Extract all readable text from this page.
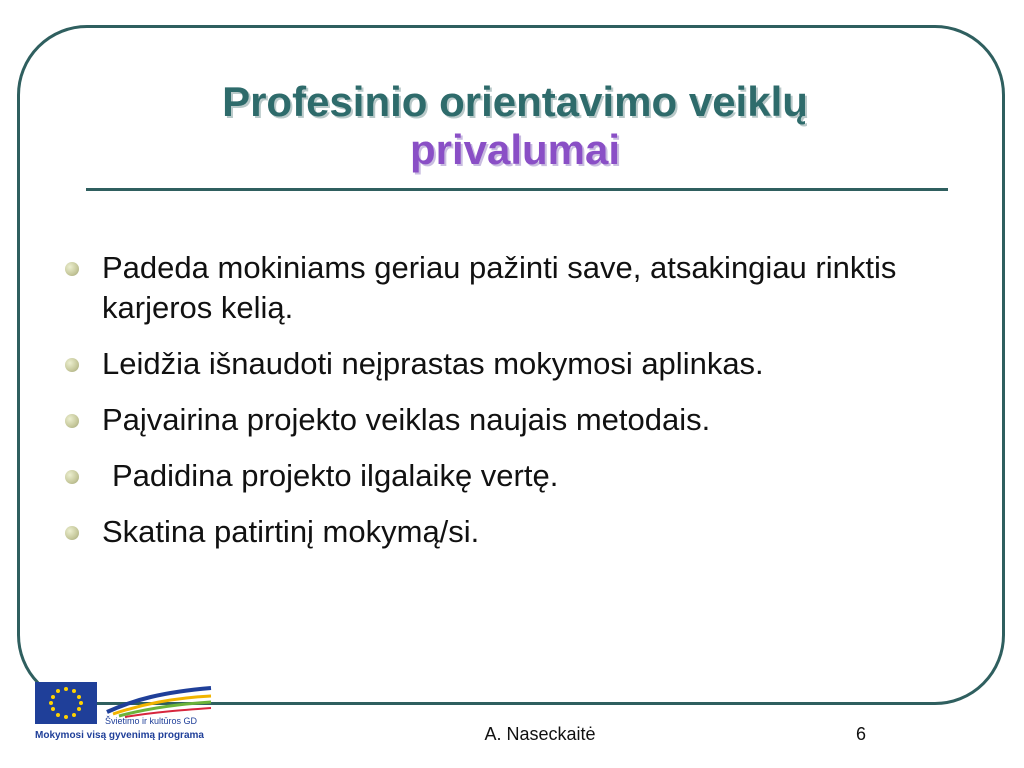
Profesinio orientavimo veiklų
privalumai
Padeda mokiniams geriau pažinti save, atsakingiau rinktis karjeros kelią.
Leidžia išnaudoti neįprastas mokymosi aplinkas.
Paįvairina projekto veiklas naujais metodais.
Padidina projekto ilgalaikę vertę.
Skatina patirtinį mokymą/si.
Švietimo ir kultūros GD
Mokymosi visą gyvenimą programa	A. Naseckaitė	6
